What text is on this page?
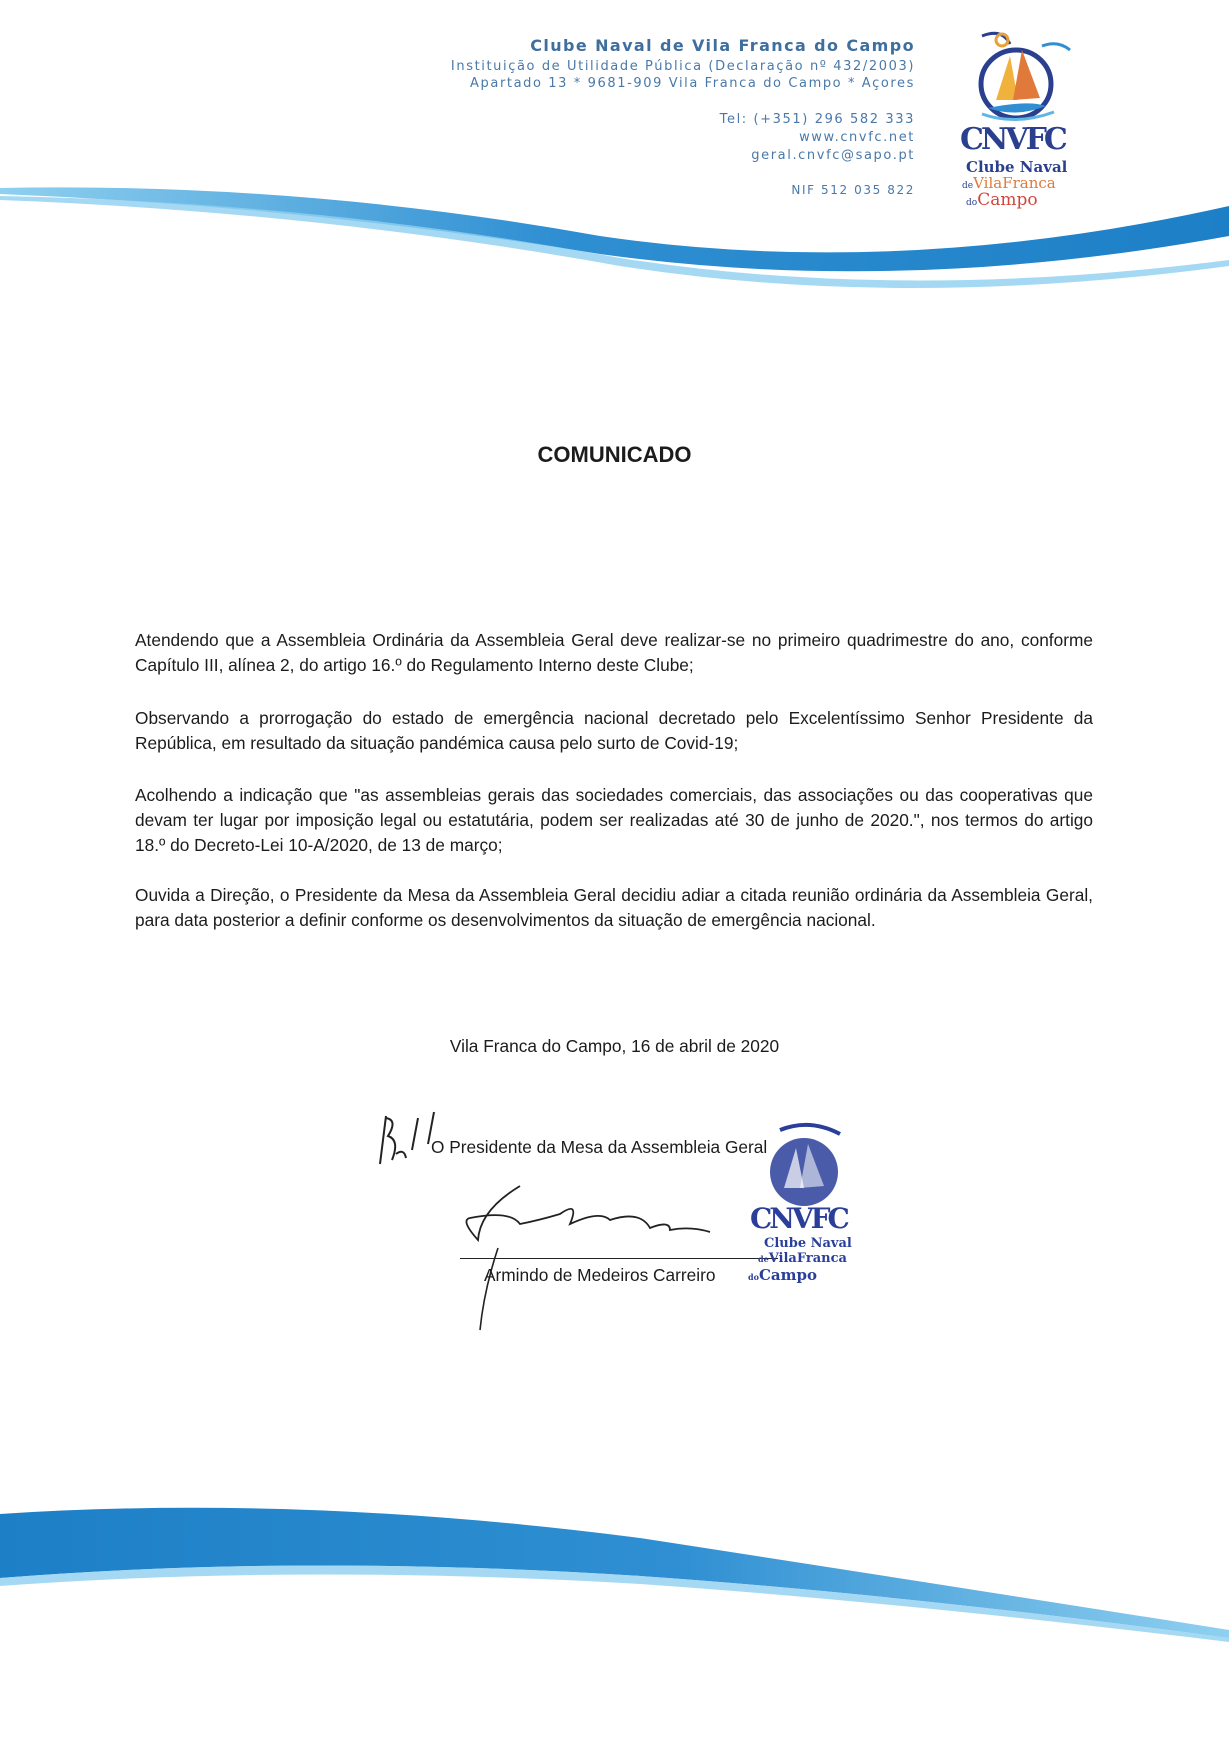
Clube Naval de Vila Franca do Campo
Instituição de Utilidade Pública (Declaração nº 432/2003)
Apartado 13 * 9681-909 Vila Franca do Campo * Açores
Tel: (+351) 296 582 333
www.cnvfc.net
geral.cnvfc@sapo.pt
NIF 512 035 822
CNVFC
Clube Naval
deVilaFranca
doCampo
COMUNICADO

Atendendo que a Assembleia Ordinária da Assembleia Geral deve realizar-se no primeiro quadrimestre do ano, conforme Capítulo III, alínea 2, do artigo 16.º do Regulamento Interno deste Clube;

Observando a prorrogação do estado de emergência nacional decretado pelo Excelentíssimo Senhor Presidente da República, em resultado da situação pandémica causa pelo surto de Covid-19;

Acolhendo a indicação que "as assembleias gerais das sociedades comerciais, das associações ou das cooperativas que devam ter lugar por imposição legal ou estatutária, podem ser realizadas até 30 de junho de 2020.", nos termos do artigo 18.º do Decreto-Lei 10-A/2020, de 13 de março;

Ouvida a Direção, o Presidente da Mesa da Assembleia Geral decidiu adiar a citada reunião ordinária da Assembleia Geral, para data posterior a definir conforme os desenvolvimentos da situação de emergência nacional.

Vila Franca do Campo, 16 de abril de 2020
O Presidente da Mesa da Assembleia Geral
Armindo de Medeiros Carreiro
CNVFC
Clube Naval
deVilaFranca
doCampo
